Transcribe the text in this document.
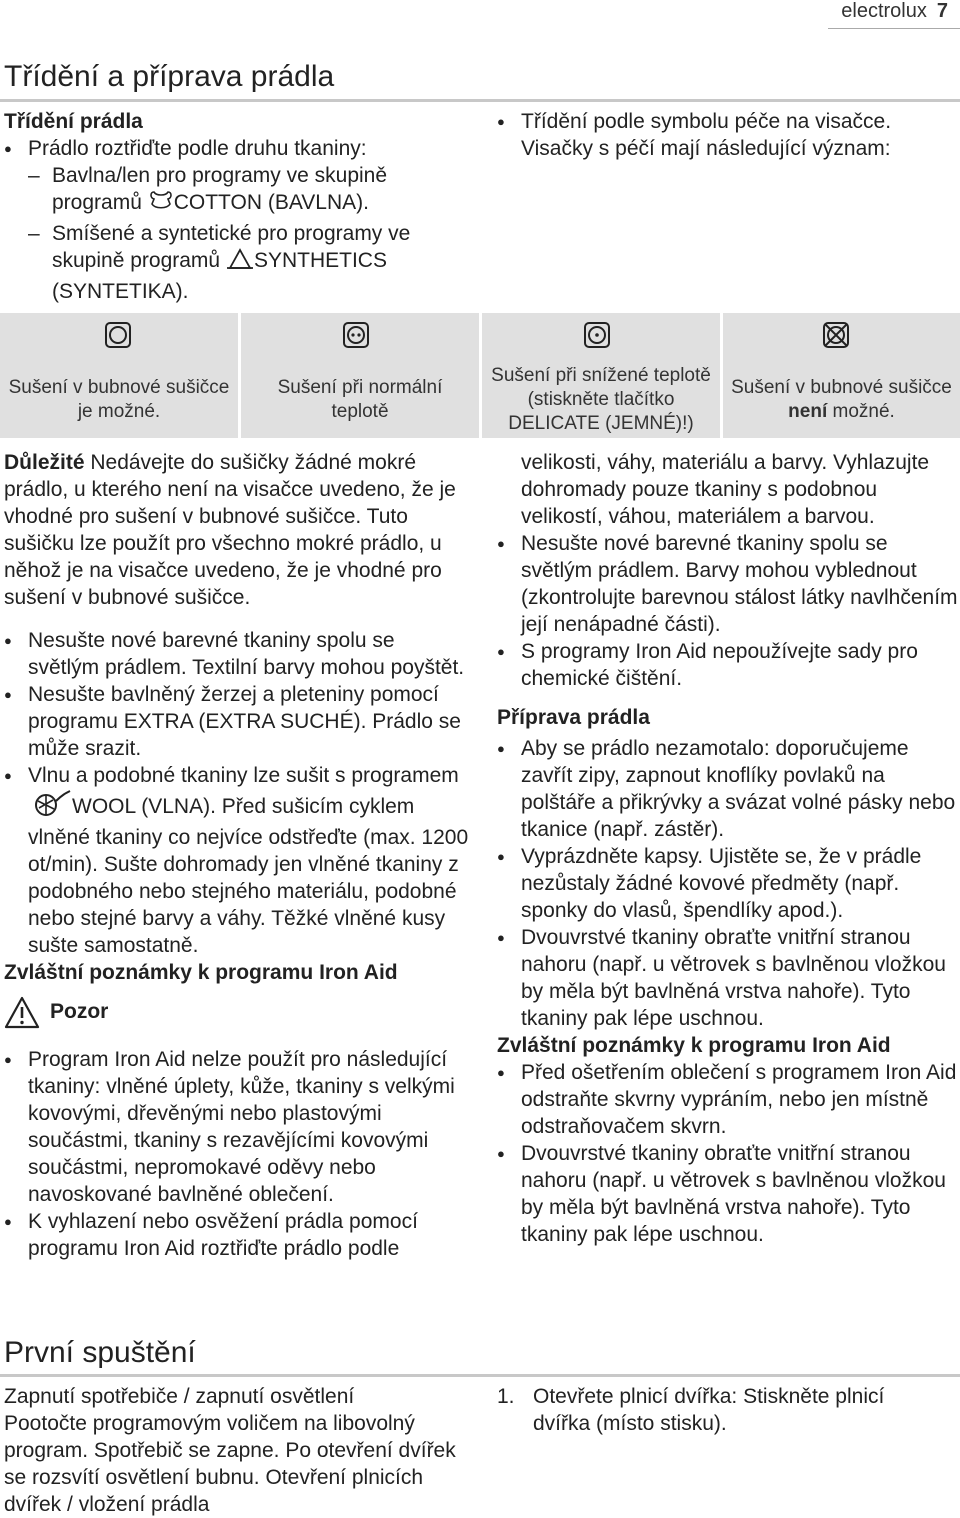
electrolux 7
Třídění a příprava prádla
Třídění prádla
● Prádlo roztřiďte podle druhu tkaniny:
– Bavlna/len pro programy ve skupině programů COTTON (BAVLNA).
– Smíšené a syntetické pro programy ve skupině programů SYNTHETICS (SYNTETIKA).
● Třídění podle symbolu péče na visačce. Visačky s péčí mají následující význam:
Sušení v bubnové sušičce je možné.
Sušení při normální teplotě
Sušení při snížené teplotě (stiskněte tlačítko DELICATE (JEMNÉ)!)
Sušení v bubnové sušičce není možné.

Důležité Nedávejte do sušičky žádné mokré prádlo, u kterého není na visačce uvedeno, že je vhodné pro sušení v bubnové sušičce. Tuto sušičku lze použít pro všechno mokré prádlo, u něhož je na visačce uvedeno, že je vhodné pro sušení v bubnové sušičce.

● Nesušte nové barevné tkaniny spolu se světlým prádlem. Textilní barvy mohou poуštět.
● Nesušte bavlněný žerzej a pleteniny pomocí programu EXTRA (EXTRA SUCHÉ). Prádlo se může srazit.
● Vlnu a podobné tkaniny lze sušit s programem WOOL (VLNA). Před sušicím cyklem vlněné tkaniny co nejvíce odstřeďte (max. 1200 ot/min). Sušte dohromady jen vlněné tkaniny z podobného nebo stejného materiálu, podobné nebo stejné barvy a váhy. Těžké vlněné kusy sušte samostatně.
Zvláštní poznámky k programu Iron Aid
Pozor
● Program Iron Aid nelze použít pro následující tkaniny: vlněné úplety, kůže, tkaniny s velkými kovovými, dřevěnými nebo plastovými součástmi, tkaniny s rezavějícími kovovými součástmi, nepromokavé oděvy nebo navoskované bavlněné oblečení.
● K vyhlazení nebo osvěžení prádla pomocí programu Iron Aid roztřiďte prádlo podle

velikosti, váhy, materiálu a barvy. Vyhlazujte dohromady pouze tkaniny s podobnou velikostí, váhou, materiálem a barvou.

● Nesušte nové barevné tkaniny spolu se světlým prádlem. Barvy mohou vyblednout (zkontrolujte barevnou stálost látky navlhčením její nenápadné části).
● S programy Iron Aid nepoužívejte sady pro chemické čištění.
Příprava prádla
● Aby se prádlo nezamotalo: doporučujeme zavřít zipy, zapnout knoflíky povlaků na polštáře a přikrývky a svázat volné pásky nebo tkanice (např. zástěr).
● Vyprázdněte kapsy. Ujistěte se, že v prádle nezůstaly žádné kovové předměty (např. sponky do vlasů, špendlíky apod.).
● Dvouvrstvé tkaniny obraťte vnitřní stranou nahoru (např. u větrovek s bavlněnou vložkou by měla být bavlněná vrstva nahoře). Tyto tkaniny pak lépe uschnou.
Zvláštní poznámky k programu Iron Aid
● Před ošetřením oblečení s programem Iron Aid odstraňte skvrny vypráním, nebo jen místně odstraňovačem skvrn.
● Dvouvrstvé tkaniny obraťte vnitřní stranou nahoru (např. u větrovek s bavlněnou vložkou by měla být bavlněná vrstva nahoře). Tyto tkaniny pak lépe uschnou.
První spuštění

Zapnutí spotřebiče / zapnutí osvětlení

Pootočte programovým voličem na libovolný program. Spotřebič se zapne. Po otevření dvířek se rozsvítí osvětlení bubnu. Otevření plnicích dvířek / vložení prádla

1. Otevřete plnicí dvířka: Stiskněte plnicí dvířka (místo stisku).
